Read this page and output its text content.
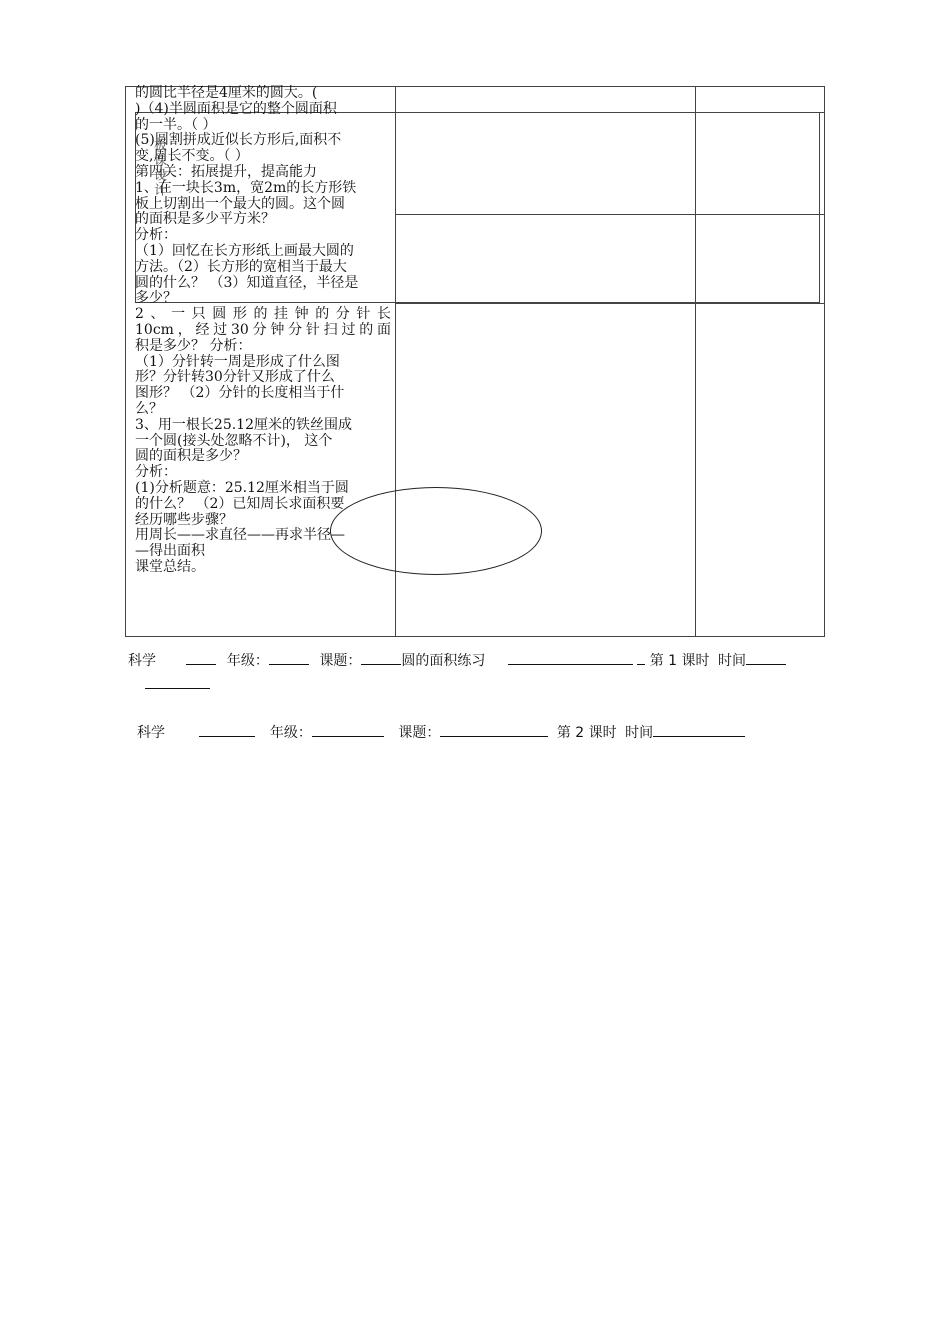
的圆比半径是4厘米的圆大。(
)（4)半圆面积是它的整个圆面积
的一半。（ ）
(5)圆割拼成近似长方形后,面积不
变,周长不变。（ ）
第四关：拓展提升，提高能力
1、在一块长3m，宽2m的长方形铁
板上切割出一个最大的圆。这个圆
的面积是多少平方米？
分析：
（1）回忆在长方形纸上画最大圆的
方法。（2）长方形的宽相当于最大
圆的什么？ （3）知道直径，半径是
多少？
2、一只圆形的挂钟的分针长
10cm，经过30分钟分针扫过的面
积是多少？ 分析：
（1）分针转一周是形成了什么图
形？分针转30分针又形成了什么
图形？ （2）分针的长度相当于什
么？
3、用一根长25.12厘米的铁丝围成
一个圆(接头处忽略不计)， 这个
圆的面积是多少？
分析：
(1)分析题意：25.12厘米相当于圆
的什么？ （2）已知周长求面积要
经历哪些步骤？
用周长——求直径——再求半径—
—得出面积
课堂总结。
板课设计
科学	年级：	课题：	圆的面积练习	第 1 课时 时间
科学	年级：	课题：	第 2 课时 时间
